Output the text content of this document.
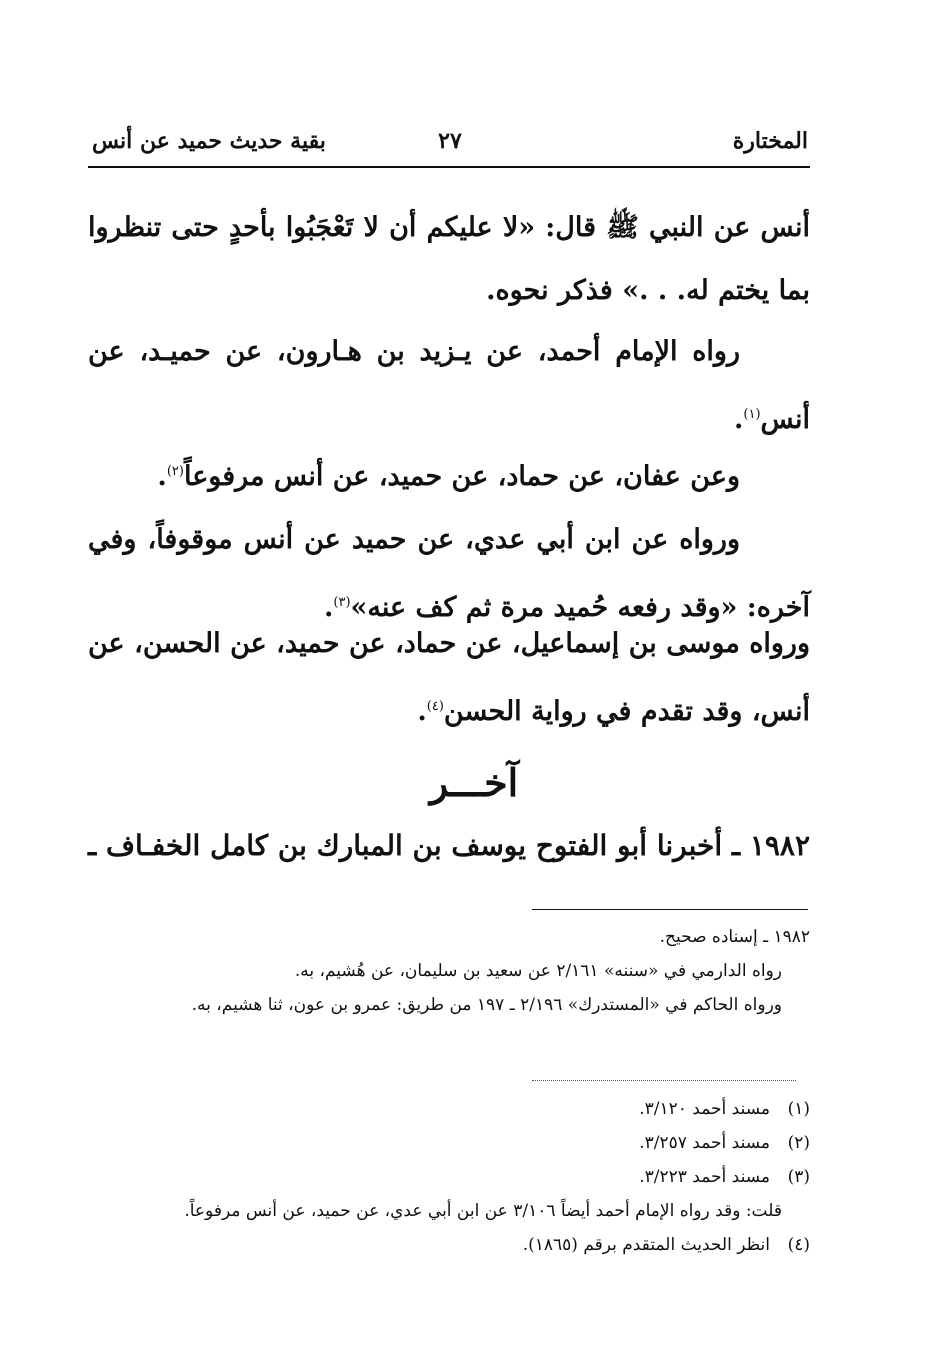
المختارة
٢٧
بقية حديث حميد عن أنس

أنس عن النبي ﷺ قال: «لا عليكم أن لا تَعْجَبُوا بأحدٍ حتى تنظروا بما يختم له. . .» فذكر نحوه.

رواه الإمام أحمد، عن يـزيد بن هـارون، عن حميـد، عن أنس$^{(١)}$.

وعن عفان، عن حماد، عن حميد، عن أنس مرفوعاً$^{(٢)}$.

ورواه عن ابن أبي عدي، عن حميد عن أنس موقوفاً، وفي آخره: «وقد رفعه حُميد مرة ثم كف عنه»$^{(٣)}$.

ورواه موسى بن إسماعيل، عن حماد، عن حميد، عن الحسن، عن أنس، وقد تقدم في رواية الحسن$^{(٤)}$.

آخـــر
١٩٨٢ ـ أخبرنا أبو الفتوح يوسف بن المبارك بن كامل الخفـاف ـ

١٩٨٢ ـ إسناده صحيح.

رواه الدارمي في «سننه» ٢/١٦١ عن سعيد بن سليمان، عن هُشيم، به.

ورواه الحاكم في «المستدرك» ٢/١٩٦ ـ ١٩٧ من طريق: عمرو بن عون، ثنا هشيم، به.

(١)مسند أحمد ٣/١٢٠.

(٢)مسند أحمد ٣/٢٥٧.

(٣)مسند أحمد ٣/٢٢٣.

قلت: وقد رواه الإمام أحمد أيضاً ٣/١٠٦ عن ابن أبي عدي، عن حميد، عن أنس مرفوعاً.

(٤)انظر الحديث المتقدم برقم (١٨٦٥).
